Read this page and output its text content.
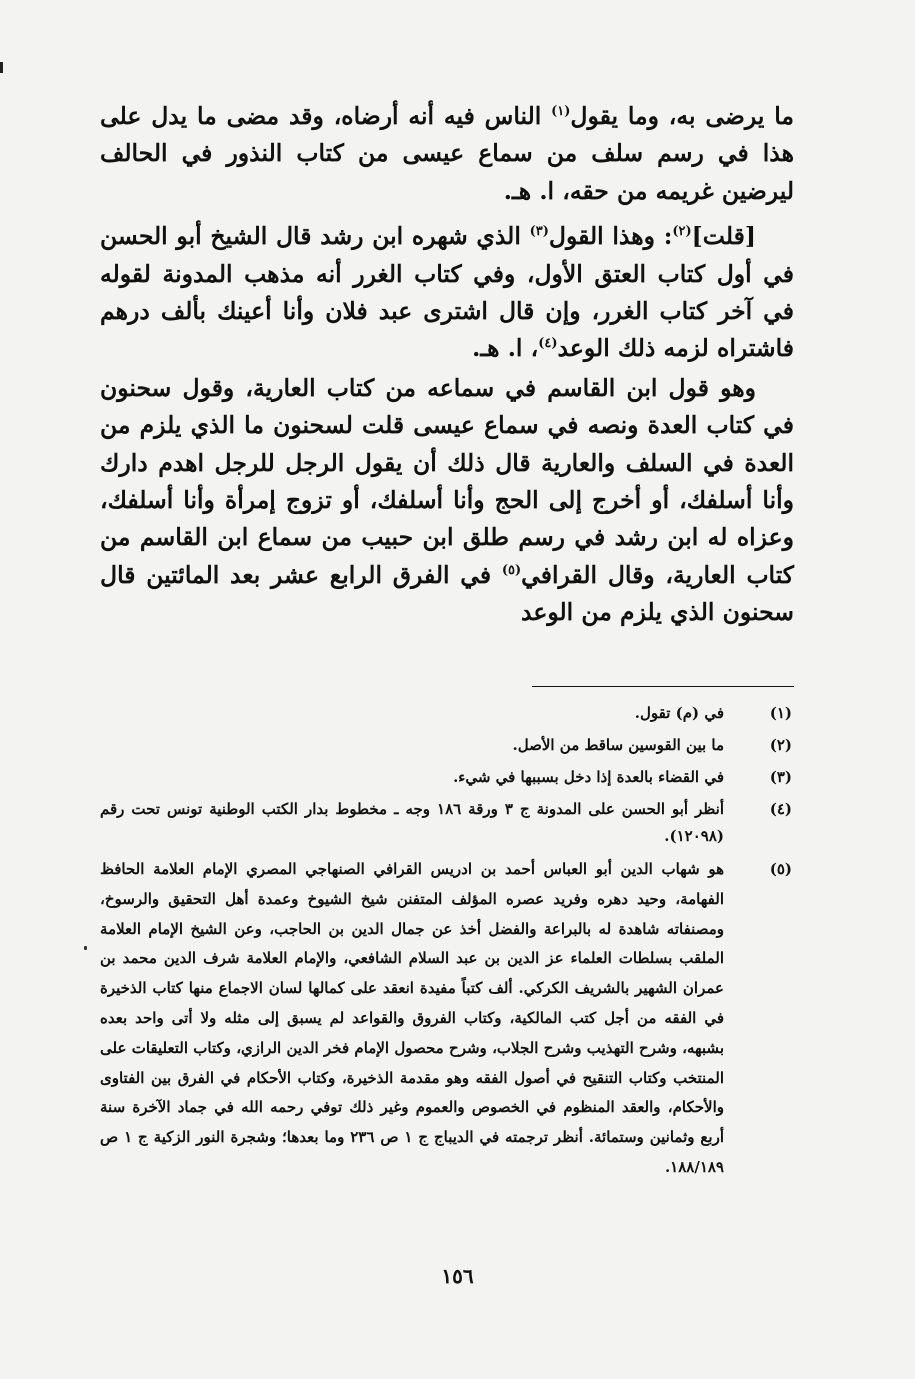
ما يرضى به، وما يقول$^{(١)}$ الناس فيه أنه أرضاه، وقد مضى ما يدل على هذا في رسم سلف من سماع عيسى من كتاب النذور في الحالف ليرضين غريمه من حقه، ا. هـ.

[قلت]$^{(٢)}$: وهذا القول$^{(٣)}$ الذي شهره ابن رشد قال الشيخ أبو الحسن في أول كتاب العتق الأول، وفي كتاب الغرر أنه مذهب المدونة لقوله في آخر كتاب الغرر، وإن قال اشترى عبد فلان وأنا أعينك بألف درهم فاشتراه لزمه ذلك الوعد$^{(٤)}$، ا. هـ.

وهو قول ابن القاسم في سماعه من كتاب العارية، وقول سحنون في كتاب العدة ونصه في سماع عيسى قلت لسحنون ما الذي يلزم من العدة في السلف والعارية قال ذلك أن يقول الرجل للرجل اهدم دارك وأنا أسلفك، أو أخرج إلى الحج وأنا أسلفك، أو تزوج إمرأة وأنا أسلفك، وعزاه له ابن رشد في رسم طلق ابن حبيب من سماع ابن القاسم من كتاب العارية، وقال القرافي$^{(٥)}$ في الفرق الرابع عشر بعد المائتين قال سحنون الذي يلزم من الوعد

(١)
في (م) تقول.
(٢)
ما بين القوسين ساقط من الأصل.
(٣)
في القضاء بالعدة إذا دخل بسببها في شيء.
(٤)
أنظر أبو الحسن على المدونة ج ٣ ورقة ١٨٦ وجه ـ مخطوط بدار الكتب الوطنية تونس تحت رقم (١٢٠٩٨).
(٥)
هو شهاب الدين أبو العباس أحمد بن ادريس القرافي الصنهاجي المصري الإمام العلامة الحافظ الفهامة، وحيد دهره وفريد عصره المؤلف المتفنن شيخ الشيوخ وعمدة أهل التحقيق والرسوخ، ومصنفاته شاهدة له بالبراعة والفضل أخذ عن جمال الدين بن الحاجب، وعن الشيخ الإمام العلامة الملقب بسلطات العلماء عز الدين بن عبد السلام الشافعي، والإمام العلامة شرف الدين محمد بن عمران الشهير بالشريف الكركي. ألف كتباً مفيدة انعقد على كمالها لسان الاجماع منها كتاب الذخيرة في الفقه من أجل كتب المالكية، وكتاب الفروق والقواعد لم يسبق إلى مثله ولا أتى واحد بعده بشبهه، وشرح التهذيب وشرح الجلاب، وشرح محصول الإمام فخر الدين الرازي، وكتاب التعليقات على المنتخب وكتاب التنقيح في أصول الفقه وهو مقدمة الذخيرة، وكتاب الأحكام في الفرق بين الفتاوى والأحكام، والعقد المنظوم في الخصوص والعموم وغير ذلك توفي رحمه الله في جماد الآخرة سنة أربع وثمانين وستمائة. أنظر ترجمته في الديباج ج ١ ص ٢٣٦ وما بعدها؛ وشجرة النور الزكية ج ١ ص ١٨٨/١٨٩.
١٥٦
